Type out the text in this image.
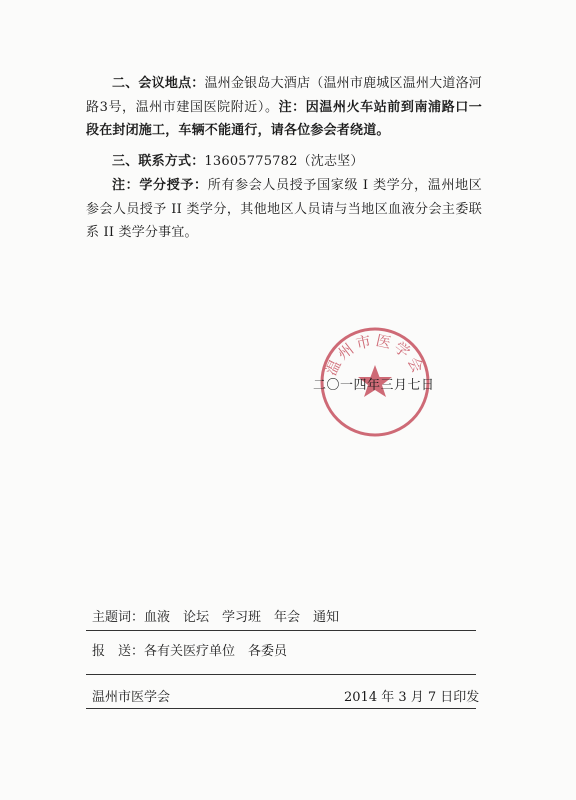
二、会议地点：温州金银岛大酒店（温州市鹿城区温州大道洛河路3号，温州市建国医院附近）。注：因温州火车站前到南浦路口一段在封闭施工，车辆不能通行，请各位参会者绕道。
三、联系方式：13605775782（沈志坚）
注：学分授予：所有参会人员授予国家级 I 类学分，温州地区参会人员授予 II 类学分，其他地区人员请与当地区血液分会主委联系 II 类学分事宜。
温州市医学会
二〇一四年三月七日
主题词：血液　论坛　学习班　年会　通知
报　送：各有关医疗单位　各委员
温州市医学会	2014 年 3 月 7 日印发
